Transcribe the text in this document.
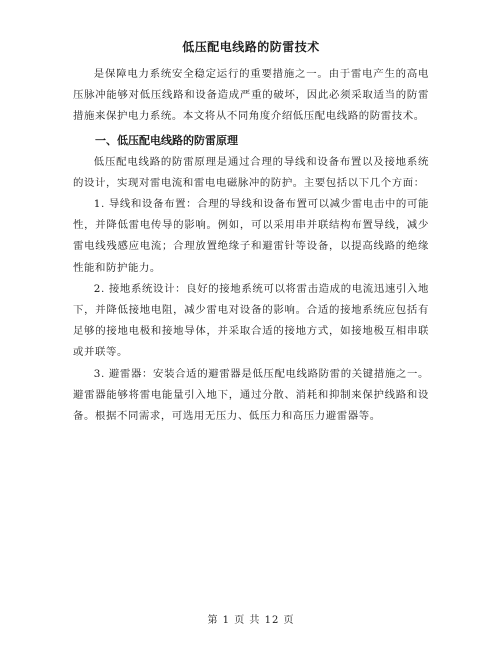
低压配电线路的防雷技术

是保障电力系统安全稳定运行的重要措施之一。由于雷电产生的高电压脉冲能够对低压线路和设备造成严重的破坏，因此必须采取适当的防雷措施来保护电力系统。本文将从不同角度介绍低压配电线路的防雷技术。

一、低压配电线路的防雷原理

低压配电线路的防雷原理是通过合理的导线和设备布置以及接地系统的设计，实现对雷电流和雷电电磁脉冲的防护。主要包括以下几个方面：

1. 导线和设备布置：合理的导线和设备布置可以减少雷电击中的可能性，并降低雷电传导的影响。例如，可以采用串并联结构布置导线，减少雷电线残感应电流；合理放置绝缘子和避雷针等设备，以提高线路的绝缘性能和防护能力。

2. 接地系统设计：良好的接地系统可以将雷击造成的电流迅速引入地下，并降低接地电阻，减少雷电对设备的影响。合适的接地系统应包括有足够的接地电极和接地导体，并采取合适的接地方式，如接地极互相串联或并联等。

3. 避雷器：安装合适的避雷器是低压配电线路防雷的关键措施之一。避雷器能够将雷电能量引入地下，通过分散、消耗和抑制来保护线路和设备。根据不同需求，可选用无压力、低压力和高压力避雷器等。

第 1 页 共 12 页
